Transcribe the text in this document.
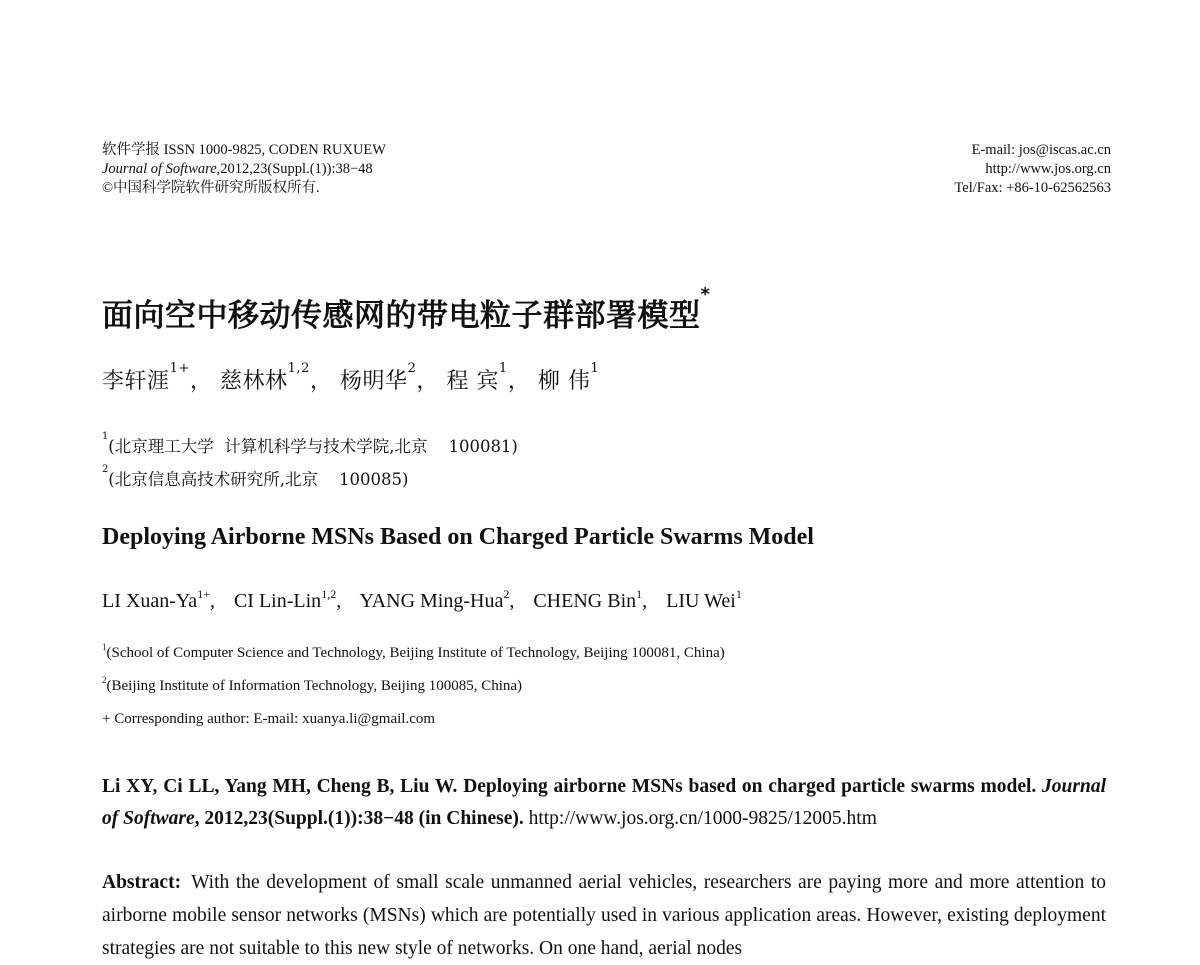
软件学报 ISSN 1000-9825, CODEN RUXUEW
Journal of Software,2012,23(Suppl.(1)):38−48
©中国科学院软件研究所版权所有.
E-mail: jos@iscas.ac.cn
http://www.jos.org.cn
Tel/Fax: +86-10-62562563
面向空中移动传感网的带电粒子群部署模型*
李轩涯$^{1+}$， 慈林林$^{1,2}$， 杨明华$^2$， 程 宾$^1$， 柳 伟$^1$
$^1$(北京理工大学  计算机科学与技术学院,北京    100081)
$^2$(北京信息高技术研究所,北京    100085)
Deploying Airborne MSNs Based on Charged Particle Swarms Model
LI Xuan-$Ya^{1+}$, CI Lin-Lin$^{1,2}$, YANG Ming-Hua$^2$, CHENG Bin$^1$, LIU Wei$^1$
$^1$(School of Computer Science and Technology, Beijing Institute of Technology, Beijing 100081, China)
$^2$(Beijing Institute of Information Technology, Beijing 100085, China)
+ Corresponding author: E-mail: xuanya.li@gmail.com
Li XY, Ci LL, Yang MH, Cheng B, Liu W. Deploying airborne MSNs based on charged particle swarms model. Journal of Software, 2012,23(Suppl.(1)):38−48 (in Chinese). http://www.jos.org.cn/1000-9825/12005.htm
Abstract: With the development of small scale unmanned aerial vehicles, researchers are paying more and more attention to airborne mobile sensor networks (MSNs) which are potentially used in various application areas. However, existing deployment strategies are not suitable to this new style of networks. On one hand, aerial nodes
